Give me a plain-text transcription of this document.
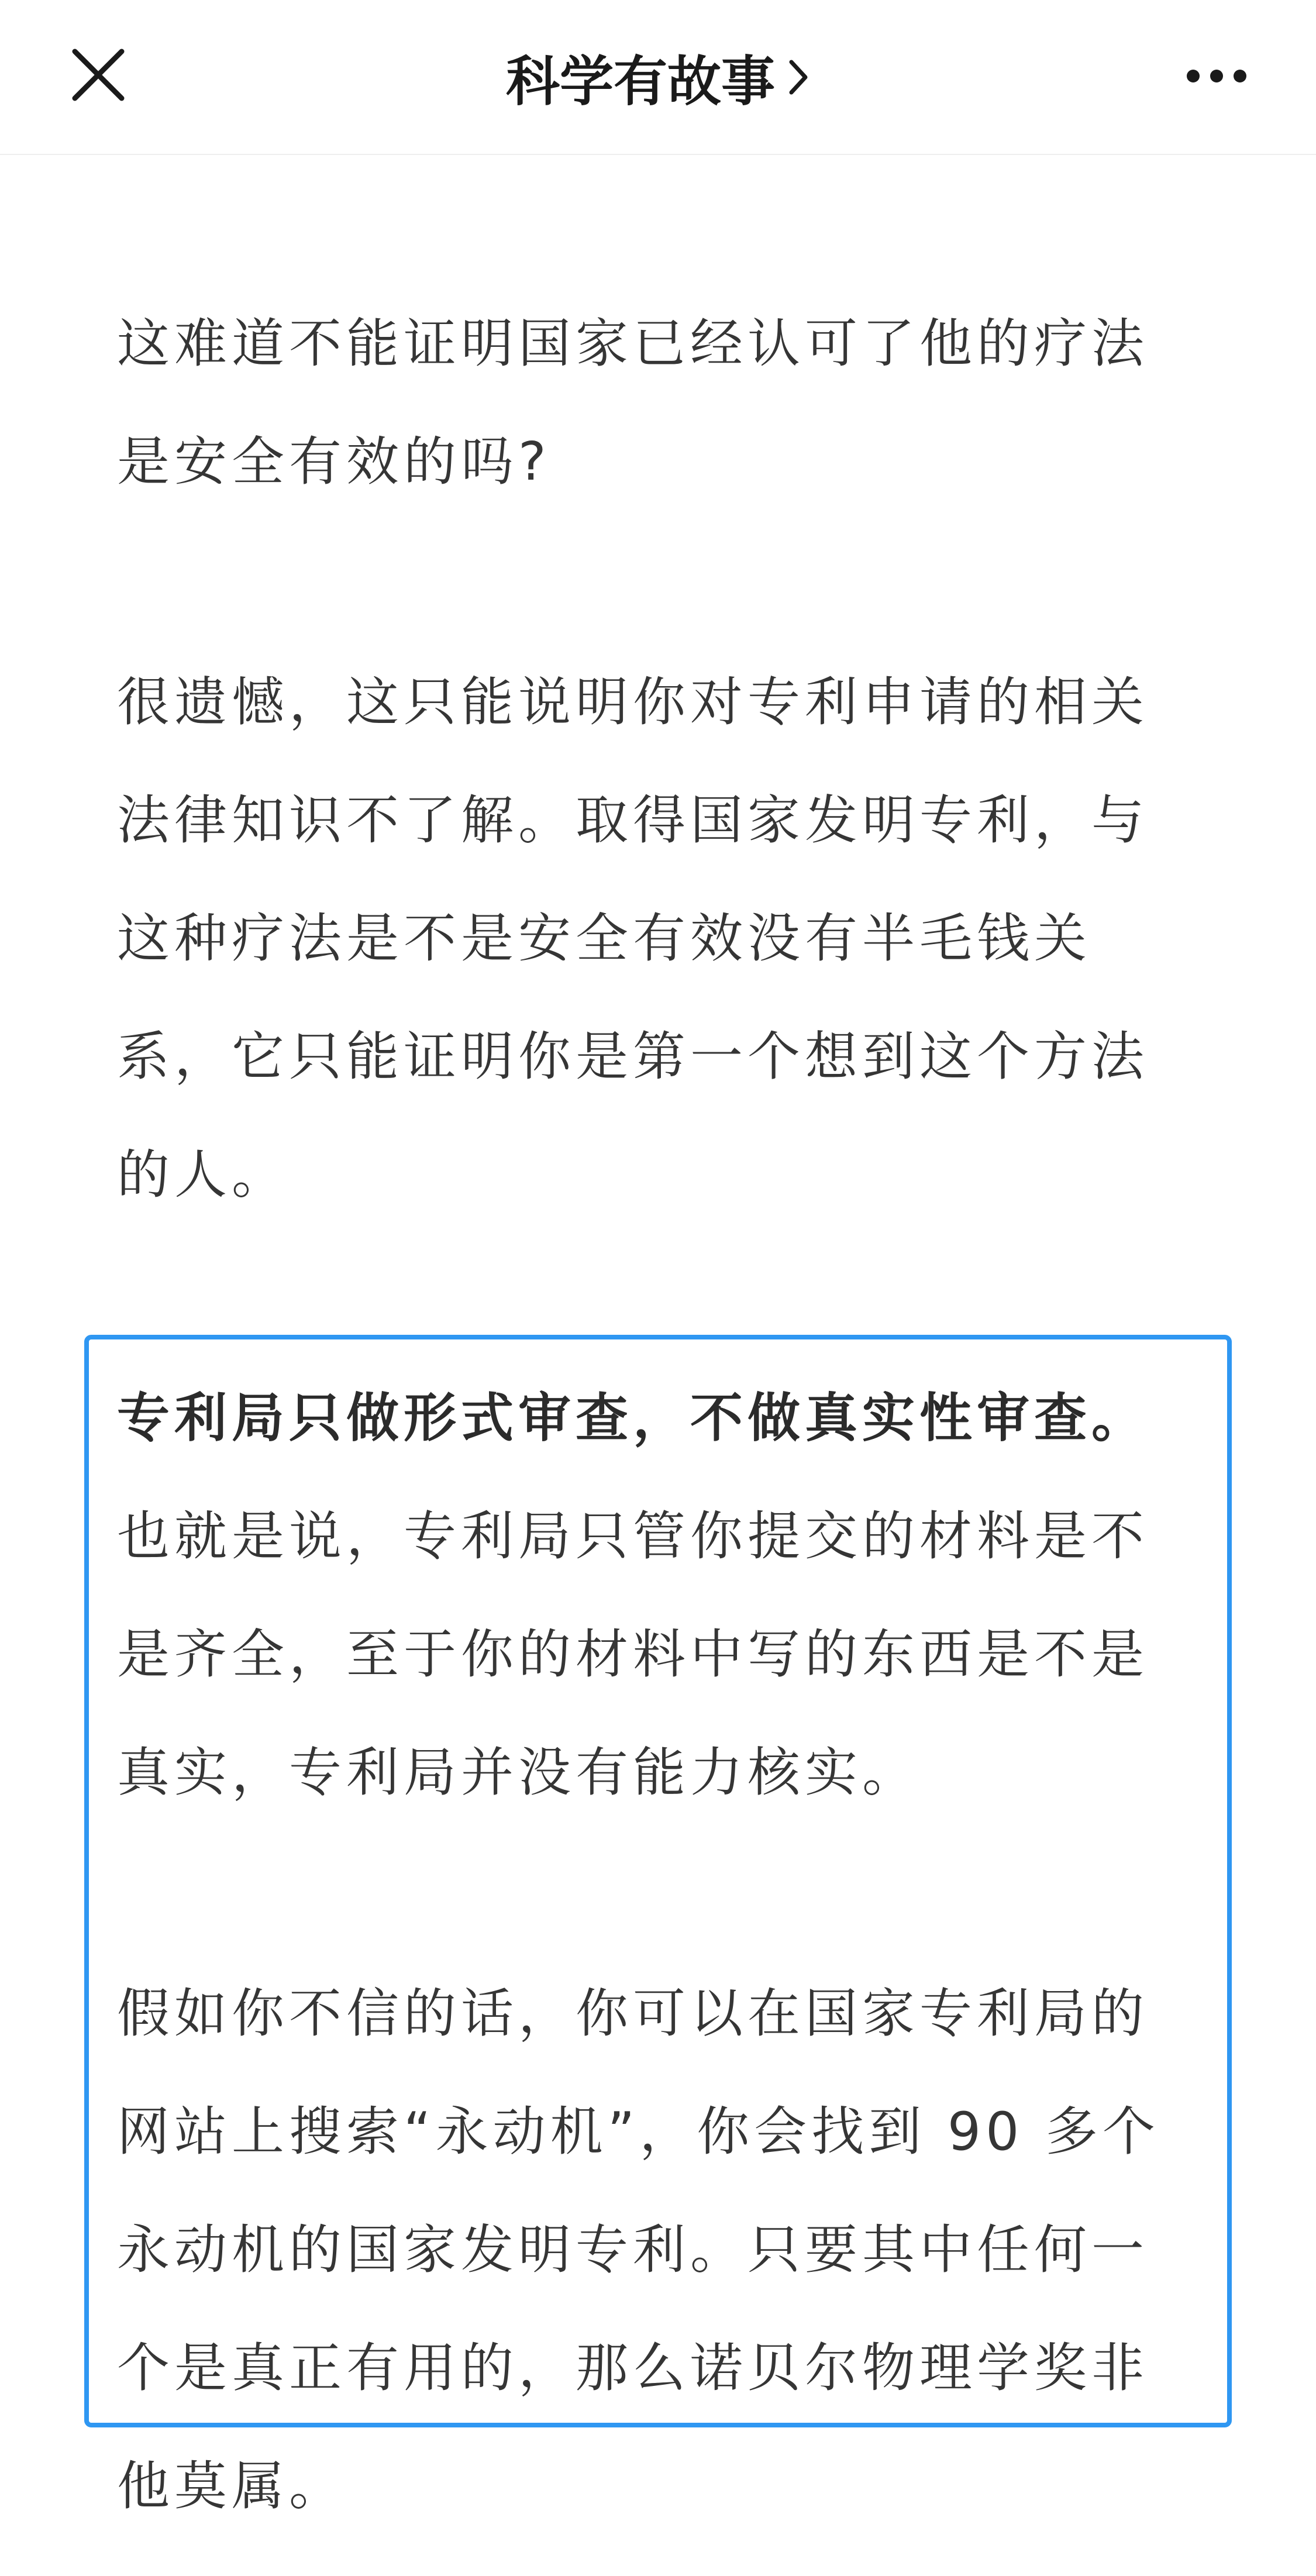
科学有故事

这难道不能证明国家已经认可了他的疗法是安全有效的吗?

很遗憾，这只能说明你对专利申请的相关法律知识不了解。取得国家发明专利，与这种疗法是不是安全有效没有半毛钱关系，它只能证明你是第一个想到这个方法的人。

专利局只做形式审查，不做真实性审查。也就是说，专利局只管你提交的材料是不是齐全，至于你的材料中写的东西是不是真实，专利局并没有能力核实。

假如你不信的话，你可以在国家专利局的网站上搜索“永动机”，你会找到 90 多个永动机的国家发明专利。只要其中任何一个是真正有用的，那么诺贝尔物理学奖非他莫属。
